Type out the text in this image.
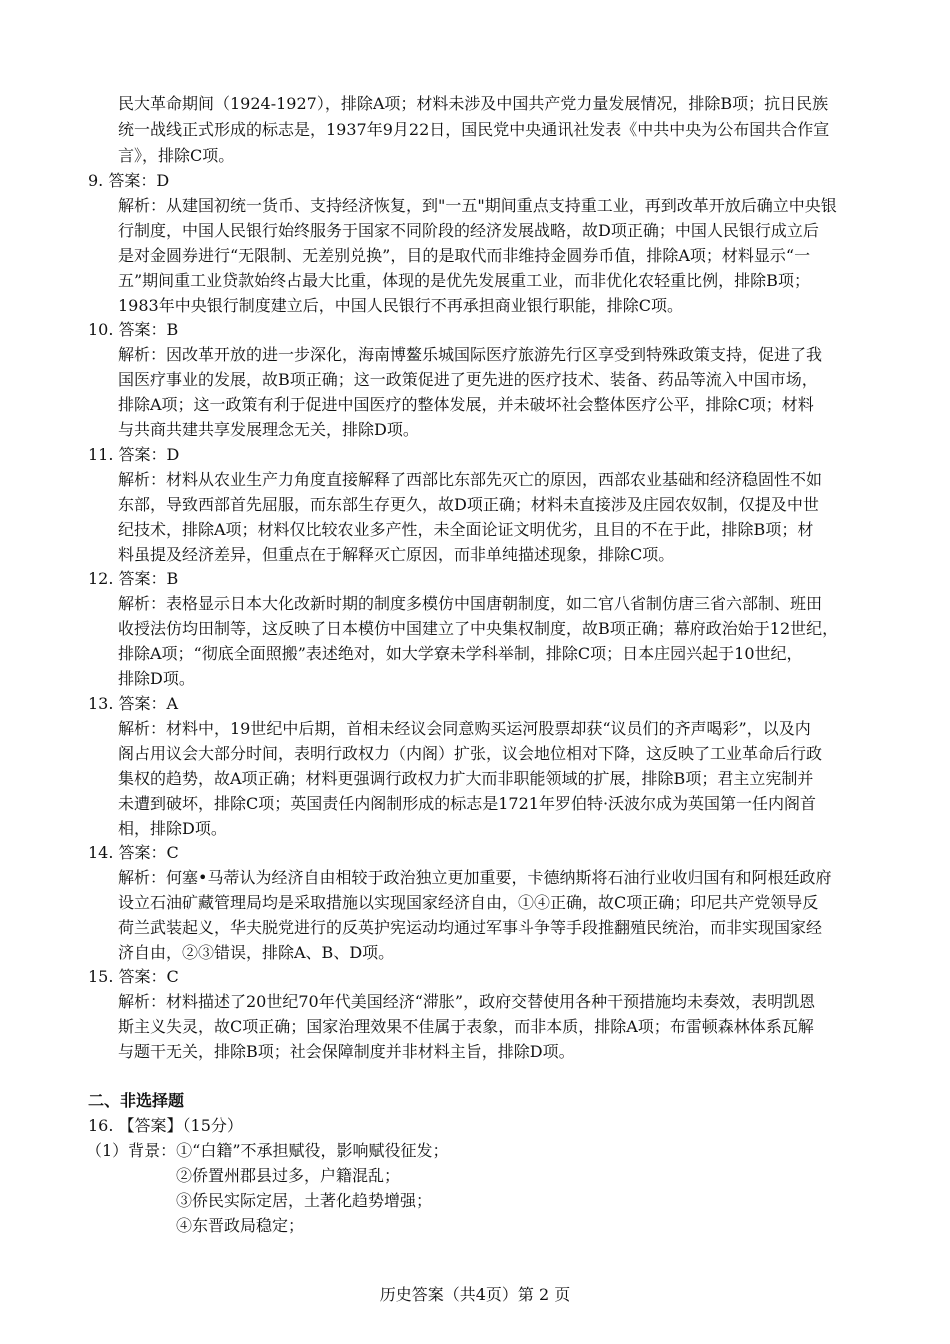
民大革命期间（1924-1927），排除A项；材料未涉及中国共产党力量发展情况，排除B项；抗日民族
统一战线正式形成的标志是，1937年9月22日，国民党中央通讯社发表《中共中央为公布国共合作宣
言》，排除C项。
9. 答案：D
解析：从建国初统一货币、支持经济恢复，到"一五"期间重点支持重工业，再到改革开放后确立中央银
行制度，中国人民银行始终服务于国家不同阶段的经济发展战略，故D项正确；中国人民银行成立后
是对金圆券进行“无限制、无差别兑换”，目的是取代而非维持金圆券币值，排除A项；材料显示“一
五”期间重工业贷款始终占最大比重，体现的是优先发展重工业，而非优化农轻重比例，排除B项；
1983年中央银行制度建立后，中国人民银行不再承担商业银行职能，排除C项。
10. 答案：B
解析：因改革开放的进一步深化，海南博鳌乐城国际医疗旅游先行区享受到特殊政策支持，促进了我
国医疗事业的发展，故B项正确；这一政策促进了更先进的医疗技术、装备、药品等流入中国市场，
排除A项；这一政策有利于促进中国医疗的整体发展，并未破坏社会整体医疗公平，排除C项；材料
与共商共建共享发展理念无关，排除D项。
11. 答案：D
解析：材料从农业生产力角度直接解释了西部比东部先灭亡的原因，西部农业基础和经济稳固性不如
东部，导致西部首先屈服，而东部生存更久，故D项正确；材料未直接涉及庄园农奴制，仅提及中世
纪技术，排除A项；材料仅比较农业多产性，未全面论证文明优劣，且目的不在于此，排除B项；材
料虽提及经济差异，但重点在于解释灭亡原因，而非单纯描述现象，排除C项。
12. 答案：B
解析：表格显示日本大化改新时期的制度多模仿中国唐朝制度，如二官八省制仿唐三省六部制、班田
收授法仿均田制等，这反映了日本模仿中国建立了中央集权制度，故B项正确；幕府政治始于12世纪，
排除A项；“彻底全面照搬”表述绝对，如大学寮未学科举制，排除C项；日本庄园兴起于10世纪，
排除D项。
13. 答案：A
解析：材料中，19世纪中后期，首相未经议会同意购买运河股票却获“议员们的齐声喝彩”，以及内
阁占用议会大部分时间，表明行政权力（内阁）扩张，议会地位相对下降，这反映了工业革命后行政
集权的趋势，故A项正确；材料更强调行政权力扩大而非职能领域的扩展，排除B项；君主立宪制并
未遭到破坏，排除C项；英国责任内阁制形成的标志是1721年罗伯特·沃波尔成为英国第一任内阁首
相，排除D项。
14. 答案：C
解析：何塞•马蒂认为经济自由相较于政治独立更加重要，卡德纳斯将石油行业收归国有和阿根廷政府
设立石油矿藏管理局均是采取措施以实现国家经济自由，①④正确，故C项正确；印尼共产党领导反
荷兰武装起义，华夫脱党进行的反英护宪运动均通过军事斗争等手段推翻殖民统治，而非实现国家经
济自由，②③错误，排除A、B、D项。
15. 答案：C
解析：材料描述了20世纪70年代美国经济“滞胀”，政府交替使用各种干预措施均未奏效，表明凯恩
斯主义失灵，故C项正确；国家治理效果不佳属于表象，而非本质，排除A项；布雷顿森林体系瓦解
与题干无关，排除B项；社会保障制度并非材料主旨，排除D项。
二、非选择题
16. 【答案】（15分）
（1）背景：①“白籍”不承担赋役，影响赋役征发；
②侨置州郡县过多，户籍混乱；
③侨民实际定居，土著化趋势增强；
④东晋政局稳定；
历史答案（共4页）第 2 页
